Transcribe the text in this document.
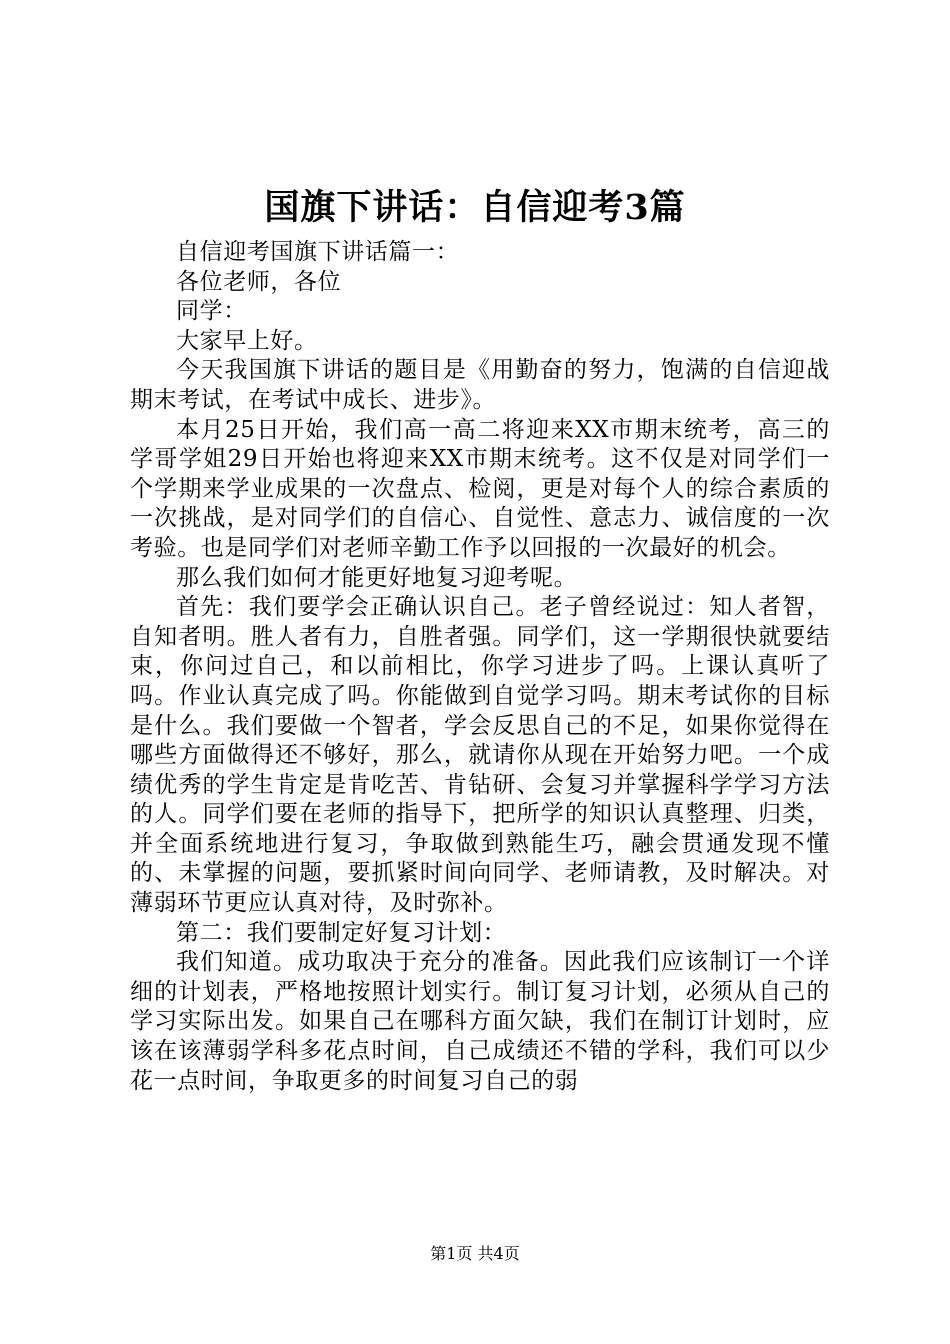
国旗下讲话：自信迎考3篇

自信迎考国旗下讲话篇一：

各位老师，各位

同学：

大家早上好。

今天我国旗下讲话的题目是《用勤奋的努力，饱满的自信迎战期末考试，在考试中成长、进步》。

本月25日开始，我们高一高二将迎来XX市期末统考，高三的学哥学姐29日开始也将迎来XX市期末统考。这不仅是对同学们一个学期来学业成果的一次盘点、检阅，更是对每个人的综合素质的一次挑战，是对同学们的自信心、自觉性、意志力、诚信度的一次考验。也是同学们对老师辛勤工作予以回报的一次最好的机会。

那么我们如何才能更好地复习迎考呢。

首先：我们要学会正确认识自己。老子曾经说过：知人者智，自知者明。胜人者有力，自胜者强。同学们，这一学期很快就要结束，你问过自己，和以前相比，你学习进步了吗。上课认真听了吗。作业认真完成了吗。你能做到自觉学习吗。期末考试你的目标是什么。我们要做一个智者，学会反思自己的不足，如果你觉得在哪些方面做得还不够好，那么，就请你从现在开始努力吧。一个成绩优秀的学生肯定是肯吃苦、肯钻研、会复习并掌握科学学习方法的人。同学们要在老师的指导下，把所学的知识认真整理、归类，并全面系统地进行复习，争取做到熟能生巧，融会贯通发现不懂的、未掌握的问题，要抓紧时间向同学、老师请教，及时解决。对薄弱环节更应认真对待，及时弥补。

第二：我们要制定好复习计划：

我们知道。成功取决于充分的准备。因此我们应该制订一个详细的计划表，严格地按照计划实行。制订复习计划，必须从自己的学习实际出发。如果自己在哪科方面欠缺，我们在制订计划时，应该在该薄弱学科多花点时间，自己成绩还不错的学科，我们可以少花一点时间，争取更多的时间复习自己的弱

第1页 共4页
